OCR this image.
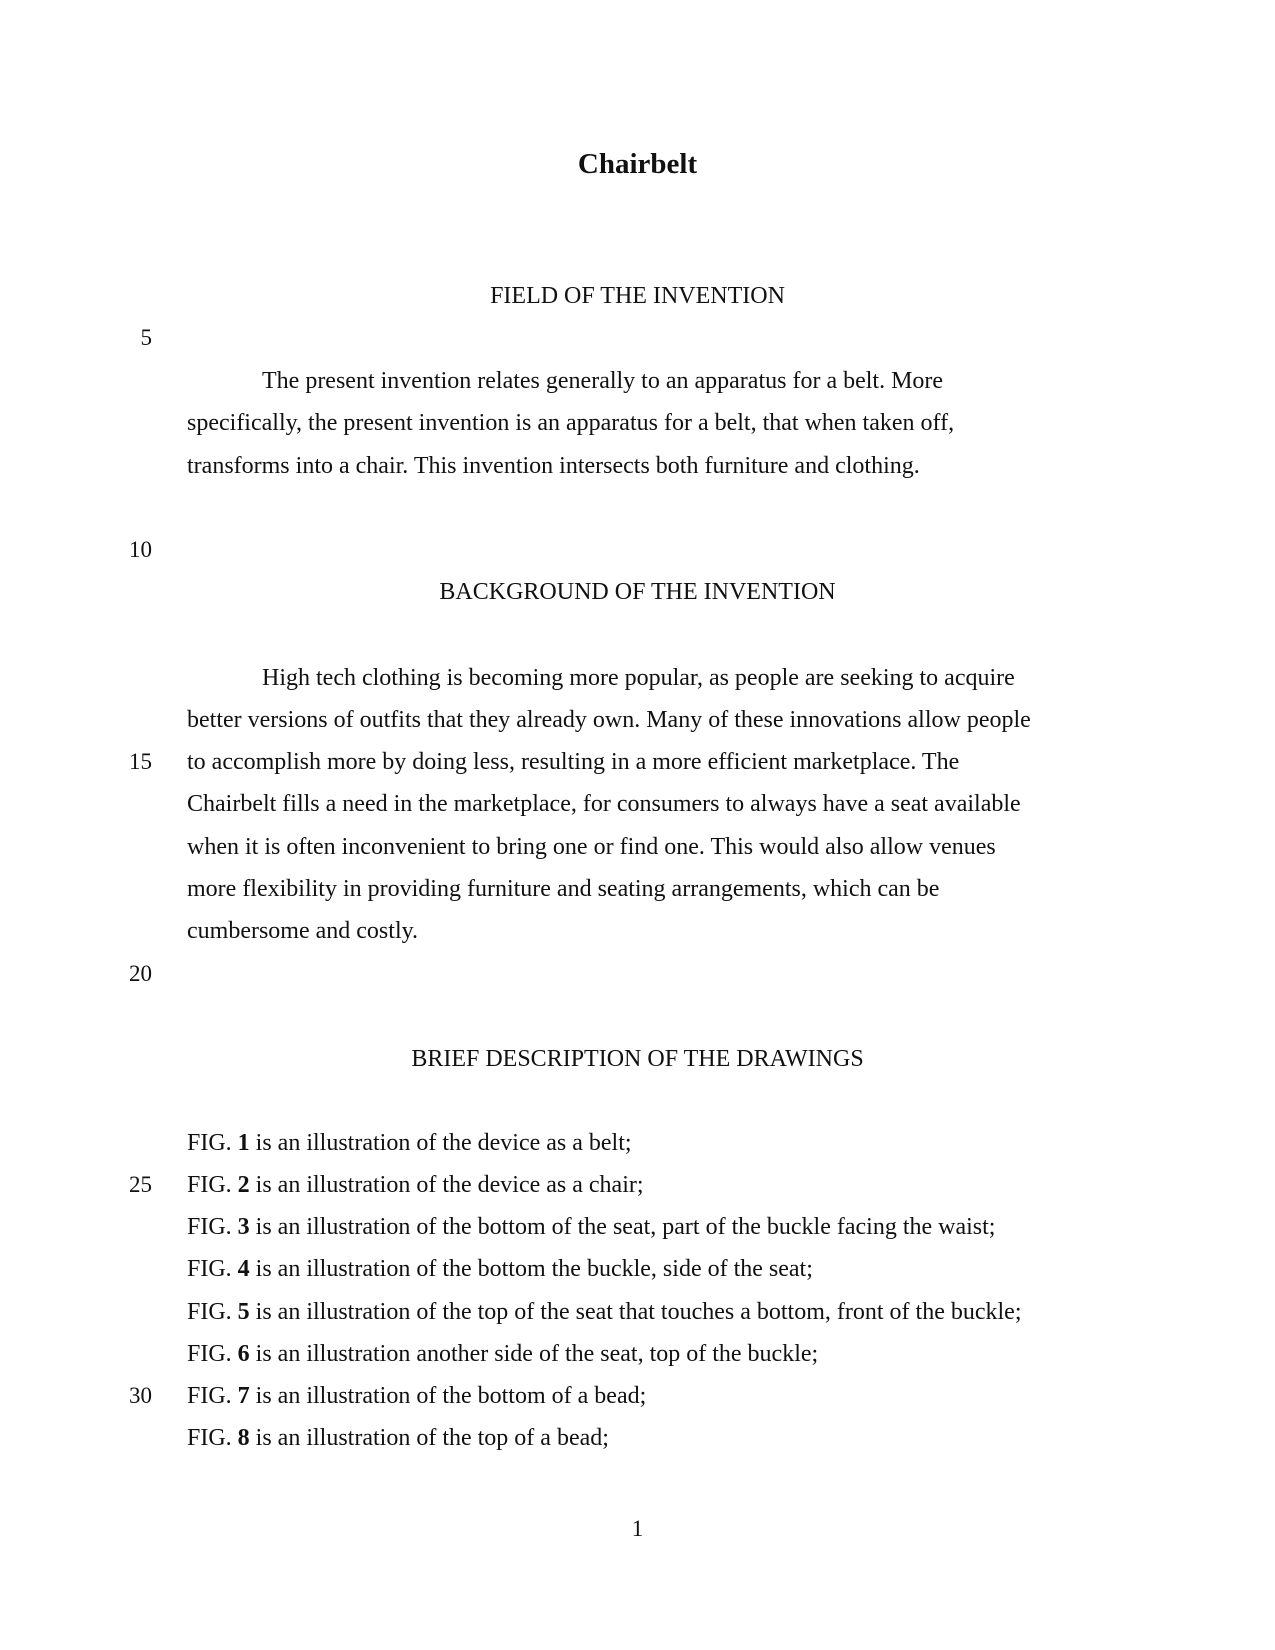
Chairbelt
5
10
15
20
25
30
FIELD OF THE INVENTION
The present invention relates generally to an apparatus for a belt. More
specifically, the present invention is an apparatus for a belt, that when taken off,
transforms into a chair. This invention intersects both furniture and clothing.
BACKGROUND OF THE INVENTION
High tech clothing is becoming more popular, as people are seeking to acquire
better versions of outfits that they already own. Many of these innovations allow people
to accomplish more by doing less, resulting in a more efficient marketplace. The
Chairbelt fills a need in the marketplace, for consumers to always have a seat available
when it is often inconvenient to bring one or find one. This would also allow venues
more flexibility in providing furniture and seating arrangements, which can be
cumbersome and costly.
BRIEF DESCRIPTION OF THE DRAWINGS
FIG. 1 is an illustration of the device as a belt;
FIG. 2 is an illustration of the device as a chair;
FIG. 3 is an illustration of the bottom of the seat, part of the buckle facing the waist;
FIG. 4 is an illustration of the bottom the buckle, side of the seat;
FIG. 5 is an illustration of the top of the seat that touches a bottom, front of the buckle;
FIG. 6 is an illustration another side of the seat, top of the buckle;
FIG. 7 is an illustration of the bottom of a bead;
FIG. 8 is an illustration of the top of a bead;
1
